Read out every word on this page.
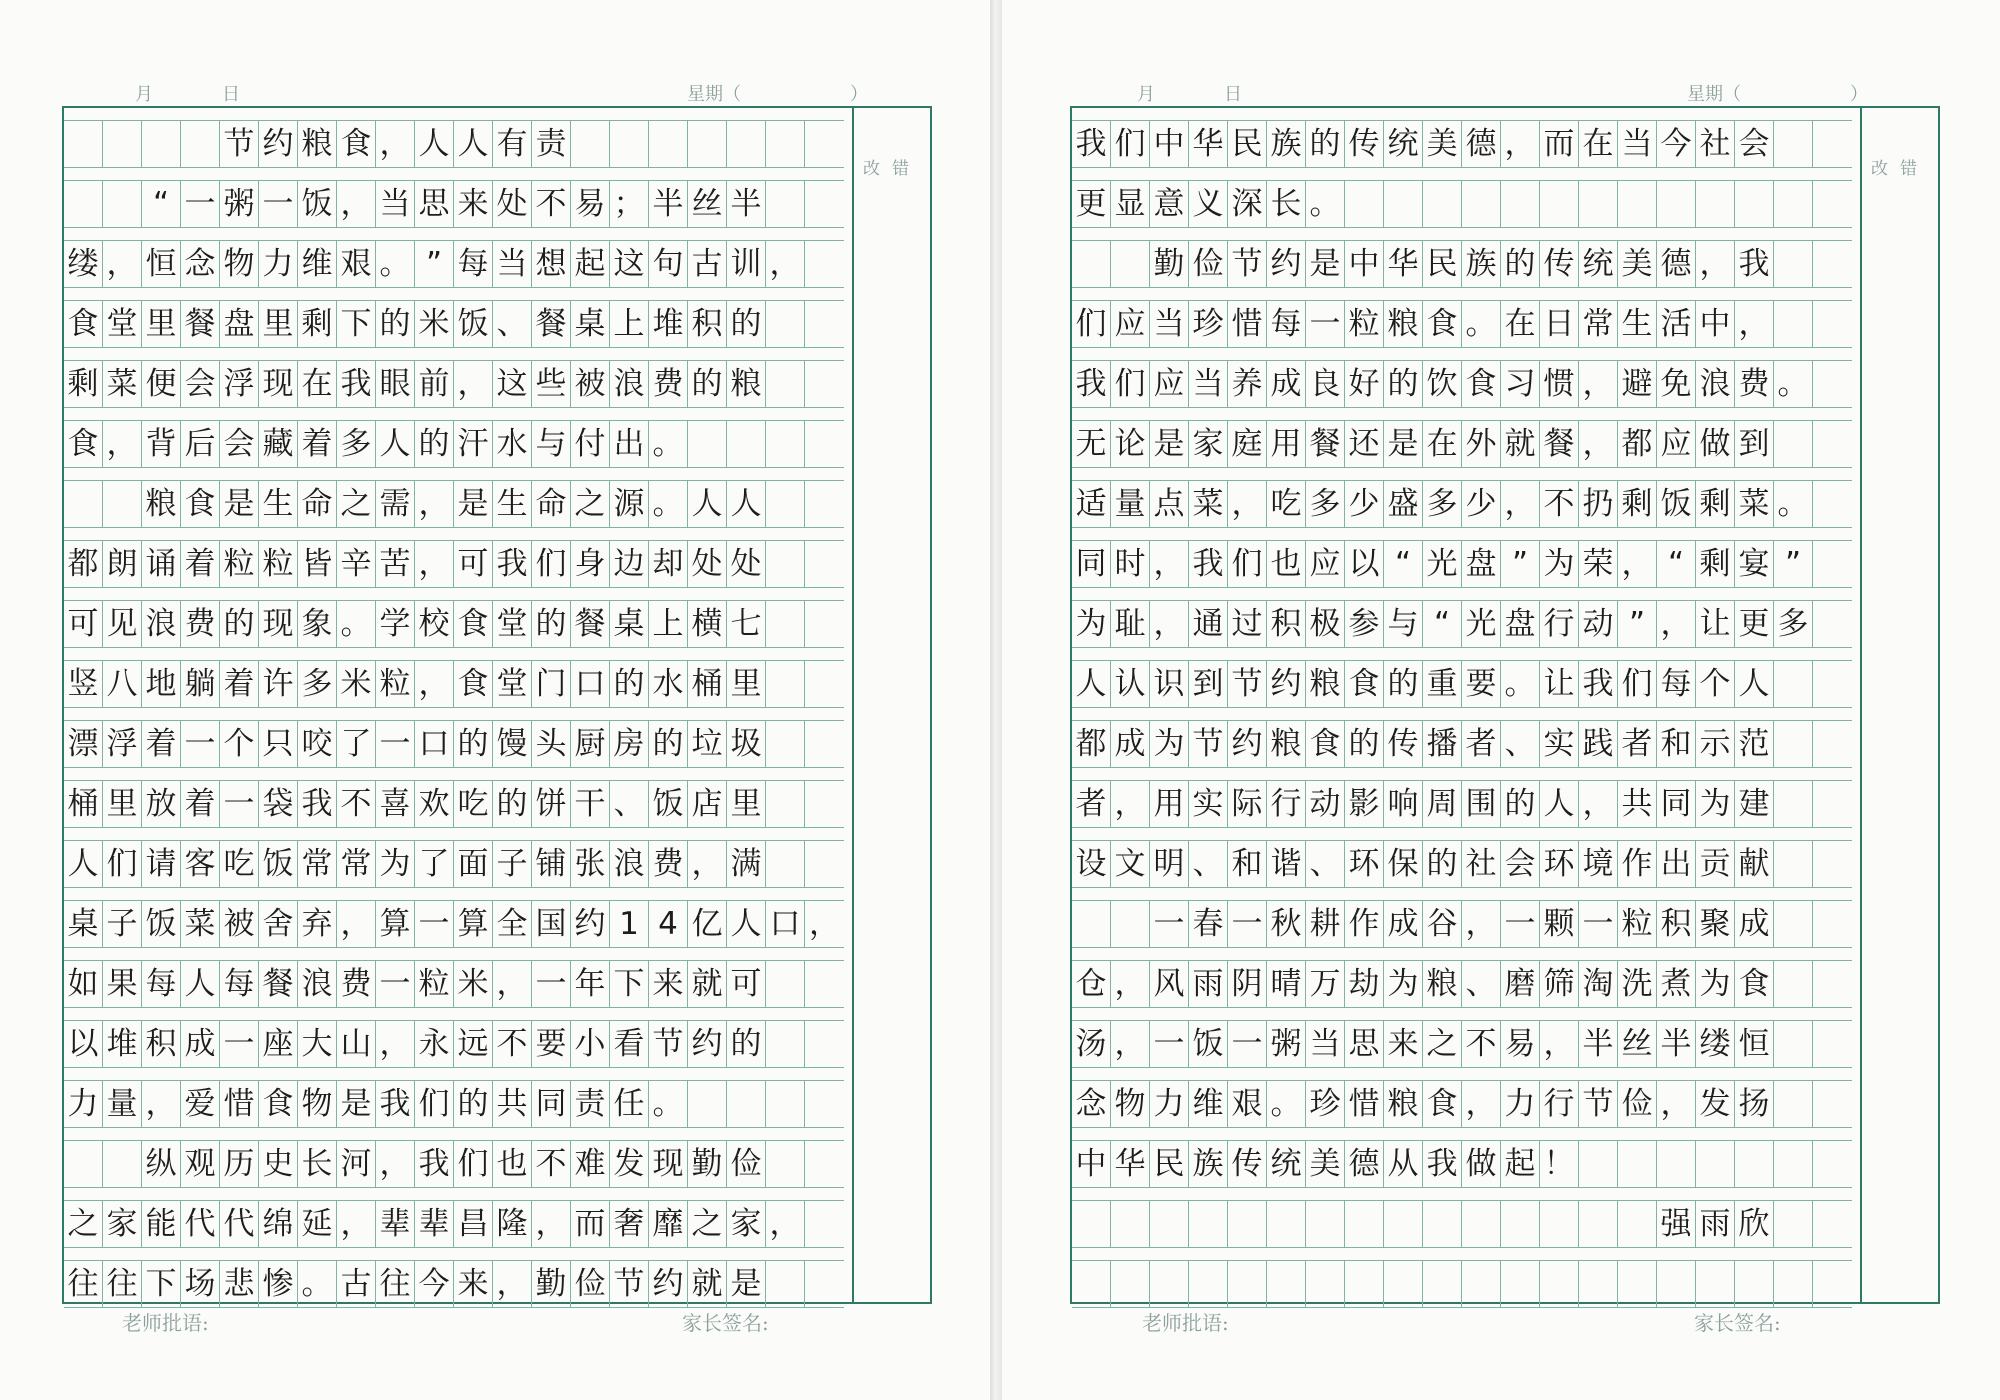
月	日	星期（	）
节 约 粮 食 ， 人 人 有 责
“ 一 粥 一 饭 ， 当 思 来 处 不 易 ； 半 丝 半
缕 ， 恒 念 物 力 维 艰 。 ” 每 当 想 起 这 句 古 训 ，
食 堂 里 餐 盘 里 剩 下 的 米 饭 、 餐 桌 上 堆 积 的
剩 菜 便 会 浮 现 在 我 眼 前 ， 这 些 被 浪 费 的 粮
食 ， 背 后 会 藏 着 多 人 的 汗 水 与 付 出 。
粮 食 是 生 命 之 需 ， 是 生 命 之 源 。 人 人
都 朗 诵 着 粒 粒 皆 辛 苦 ， 可 我 们 身 边 却 处 处
可 见 浪 费 的 现 象 。 学 校 食 堂 的 餐 桌 上 横 七
竖 八 地 躺 着 许 多 米 粒 ， 食 堂 门 口 的 水 桶 里
漂 浮 着 一 个 只 咬 了 一 口 的 馒 头 厨 房 的 垃 圾
桶 里 放 着 一 袋 我 不 喜 欢 吃 的 饼 干 、 饭 店 里
人 们 请 客 吃 饭 常 常 为 了 面 子 铺 张 浪 费 ， 满
桌 子 饭 菜 被 舍 弃 ， 算 一 算 全 国 约 1 4 亿 人 口 ，
如 果 每 人 每 餐 浪 费 一 粒 米 ， 一 年 下 来 就 可
以 堆 积 成 一 座 大 山 ， 永 远 不 要 小 看 节 约 的
力 量 ， 爱 惜 食 物 是 我 们 的 共 同 责 任 。
纵 观 历 史 长 河 ， 我 们 也 不 难 发 现 勤 俭
之 家 能 代 代 绵 延 ， 辈 辈 昌 隆 ， 而 奢 靡 之 家 ，
往 往 下 场 悲 惨 。 古 往 今 来 ， 勤 俭 节 约 就 是
改错
老师批语:	家长签名:
月	日	星期（	）
我 们 中 华 民 族 的 传 统 美 德 ， 而 在 当 今 社 会
更 显 意 义 深 长 。
勤 俭 节 约 是 中 华 民 族 的 传 统 美 德 ， 我
们 应 当 珍 惜 每 一 粒 粮 食 。 在 日 常 生 活 中 ，
我 们 应 当 养 成 良 好 的 饮 食 习 惯 ， 避 免 浪 费 。
无 论 是 家 庭 用 餐 还 是 在 外 就 餐 ， 都 应 做 到
适 量 点 菜 ， 吃 多 少 盛 多 少 ， 不 扔 剩 饭 剩 菜 。
同 时 ， 我 们 也 应 以 “ 光 盘 ” 为 荣 ， “ 剩 宴 ”
为 耻 ， 通 过 积 极 参 与 “ 光 盘 行 动 ” ， 让 更 多
人 认 识 到 节 约 粮 食 的 重 要 。 让 我 们 每 个 人
都 成 为 节 约 粮 食 的 传 播 者 、 实 践 者 和 示 范
者 ， 用 实 际 行 动 影 响 周 围 的 人 ， 共 同 为 建
设 文 明 、 和 谐 、 环 保 的 社 会 环 境 作 出 贡 献
一 春 一 秋 耕 作 成 谷 ， 一 颗 一 粒 积 聚 成
仓 ， 风 雨 阴 晴 万 劫 为 粮 、 磨 筛 淘 洗 煮 为 食
汤 ， 一 饭 一 粥 当 思 来 之 不 易 ， 半 丝 半 缕 恒
念 物 力 维 艰 。 珍 惜 粮 食 ， 力 行 节 俭 ， 发 扬
中 华 民 族 传 统 美 德 从 我 做 起 ！
强 雨 欣
改错
老师批语:	家长签名:
